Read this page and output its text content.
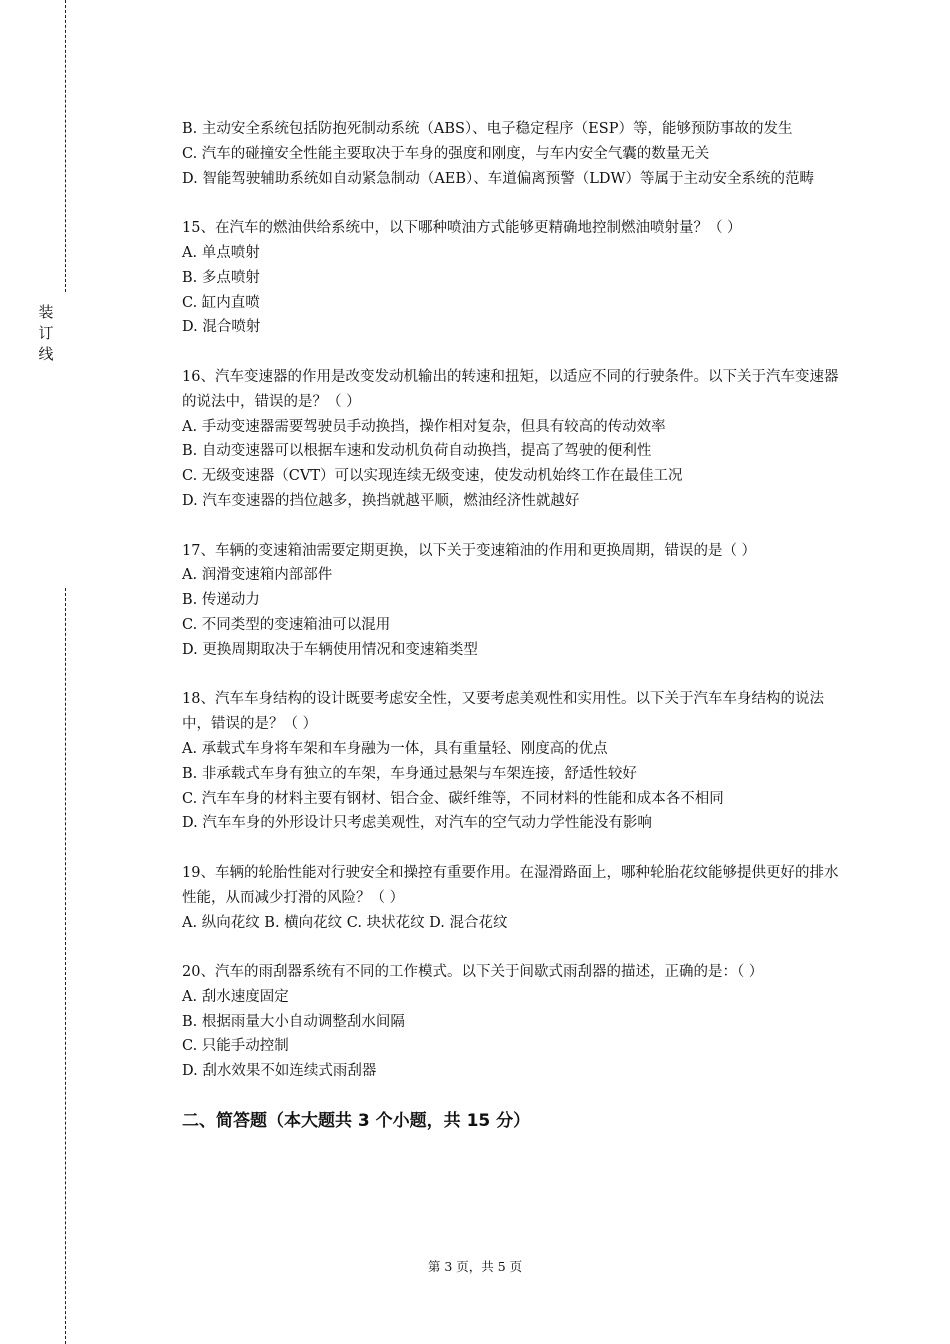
装
订
线
B. 主动安全系统包括防抱死制动系统（ABS）、电子稳定程序（ESP）等，能够预防事故的发生
C. 汽车的碰撞安全性能主要取决于车身的强度和刚度，与车内安全气囊的数量无关
D. 智能驾驶辅助系统如自动紧急制动（AEB）、车道偏离预警（LDW）等属于主动安全系统的范畴
15、在汽车的燃油供给系统中，以下哪种喷油方式能够更精确地控制燃油喷射量？（ ）
A. 单点喷射
B. 多点喷射
C. 缸内直喷
D. 混合喷射
16、汽车变速器的作用是改变发动机输出的转速和扭矩，以适应不同的行驶条件。以下关于汽车变速器的说法中，错误的是？（ ）
A. 手动变速器需要驾驶员手动换挡，操作相对复杂，但具有较高的传动效率
B. 自动变速器可以根据车速和发动机负荷自动换挡，提高了驾驶的便利性
C. 无级变速器（CVT）可以实现连续无级变速，使发动机始终工作在最佳工况
D. 汽车变速器的挡位越多，换挡就越平顺，燃油经济性就越好
17、车辆的变速箱油需要定期更换，以下关于变速箱油的作用和更换周期，错误的是（ ）
A. 润滑变速箱内部部件
B. 传递动力
C. 不同类型的变速箱油可以混用
D. 更换周期取决于车辆使用情况和变速箱类型
18、汽车车身结构的设计既要考虑安全性，又要考虑美观性和实用性。以下关于汽车车身结构的说法中，错误的是？（ ）
A. 承载式车身将车架和车身融为一体，具有重量轻、刚度高的优点
B. 非承载式车身有独立的车架，车身通过悬架与车架连接，舒适性较好
C. 汽车车身的材料主要有钢材、铝合金、碳纤维等，不同材料的性能和成本各不相同
D. 汽车车身的外形设计只考虑美观性，对汽车的空气动力学性能没有影响
19、车辆的轮胎性能对行驶安全和操控有重要作用。在湿滑路面上，哪种轮胎花纹能够提供更好的排水性能，从而减少打滑的风险？（ ）
A. 纵向花纹 B. 横向花纹 C. 块状花纹 D. 混合花纹
20、汽车的雨刮器系统有不同的工作模式。以下关于间歇式雨刮器的描述，正确的是：（ ）
A. 刮水速度固定
B. 根据雨量大小自动调整刮水间隔
C. 只能手动控制
D. 刮水效果不如连续式雨刮器
二、简答题（本大题共 3 个小题，共 15 分）
第 3 页，共 5 页
